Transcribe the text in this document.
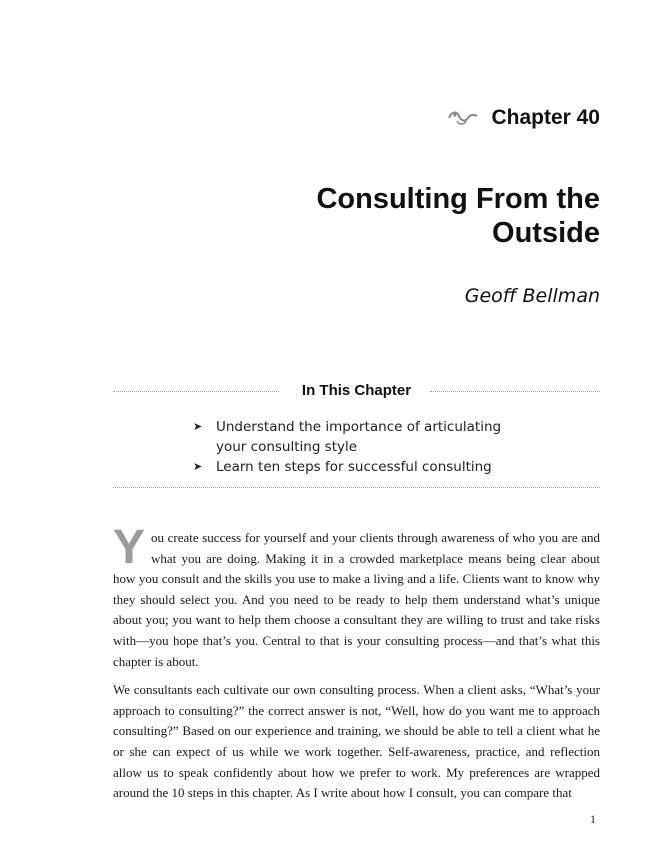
Chapter 40
Consulting From the
Outside
Geoff Bellman
In This Chapter
➤	Understand the importance of articulating
your consulting style
➤	Learn ten steps for successful consulting

You create success for yourself and your clients through awareness of who you are and what you are doing. Making it in a crowded marketplace means being clear about how you consult and the skills you use to make a living and a life. Clients want to know why they should select you. And you need to be ready to help them understand what’s unique about you; you want to help them choose a consultant they are willing to trust and take risks with—you hope that’s you. Central to that is your consulting process—and that’s what this chapter is about.

We consultants each cultivate our own consulting process. When a client asks, “What’s your approach to consulting?” the correct answer is not, “Well, how do you want me to approach consulting?” Based on our experience and training, we should be able to tell a client what he or she can expect of us while we work together. Self-awareness, practice, and reflection allow us to speak confidently about how we prefer to work. My preferences are wrapped around the 10 steps in this chapter. As I write about how I consult, you can compare that

1
